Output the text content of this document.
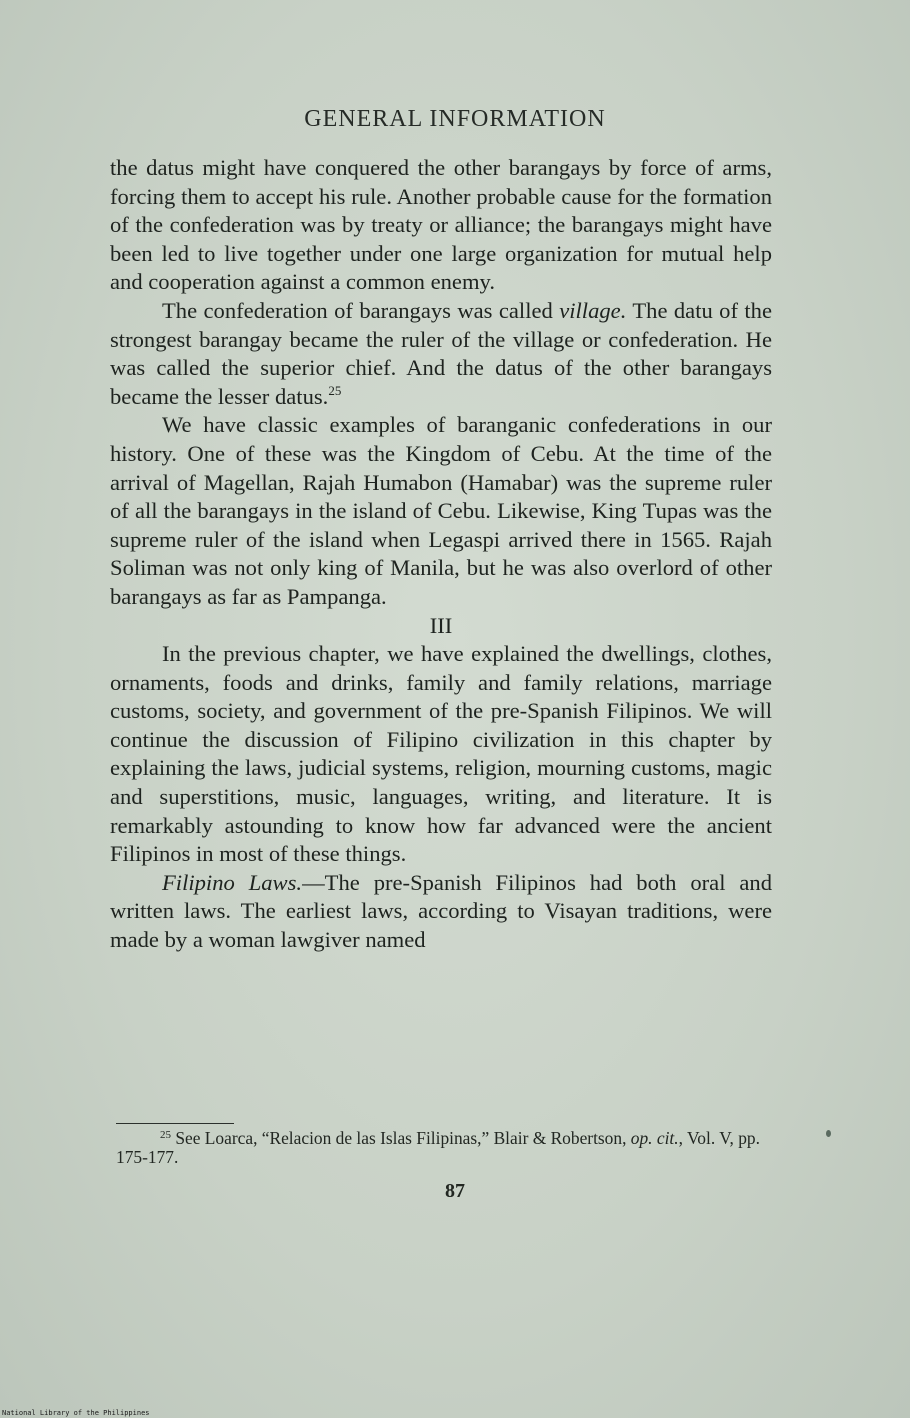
GENERAL INFORMATION

the datus might have conquered the other barangays by force of arms, forcing them to accept his rule. Another probable cause for the formation of the confederation was by treaty or alliance; the barangays might have been led to live together under one large organization for mutual help and cooperation against a common enemy.

The confederation of barangays was called village. The datu of the strongest barangay became the ruler of the village or confederation. He was called the superior chief. And the datus of the other barangays became the lesser datus.$^{25}$

We have classic examples of baranganic confederations in our history. One of these was the Kingdom of Cebu. At the time of the arrival of Magellan, Rajah Humabon (Hamabar) was the supreme ruler of all the barangays in the island of Cebu. Likewise, King Tupas was the supreme ruler of the island when Legaspi arrived there in 1565. Rajah Soliman was not only king of Manila, but he was also overlord of other barangays as far as Pampanga.

III

In the previous chapter, we have explained the dwellings, clothes, ornaments, foods and drinks, family and family relations, marriage customs, society, and government of the pre-Spanish Filipinos. We will continue the discussion of Filipino civilization in this chapter by explaining the laws, judicial systems, religion, mourning customs, magic and superstitions, music, languages, writing, and literature. It is remarkably astounding to know how far advanced were the ancient Filipinos in most of these things.

Filipino Laws.—The pre-Spanish Filipinos had both oral and written laws. The earliest laws, according to Visayan traditions, were made by a woman lawgiver named

$^{25}$ See Loarca, “Relacion de las Islas Filipinas,” Blair & Robertson, op. cit., Vol. V, pp. 175-177.
87
National Library of the Philippines
